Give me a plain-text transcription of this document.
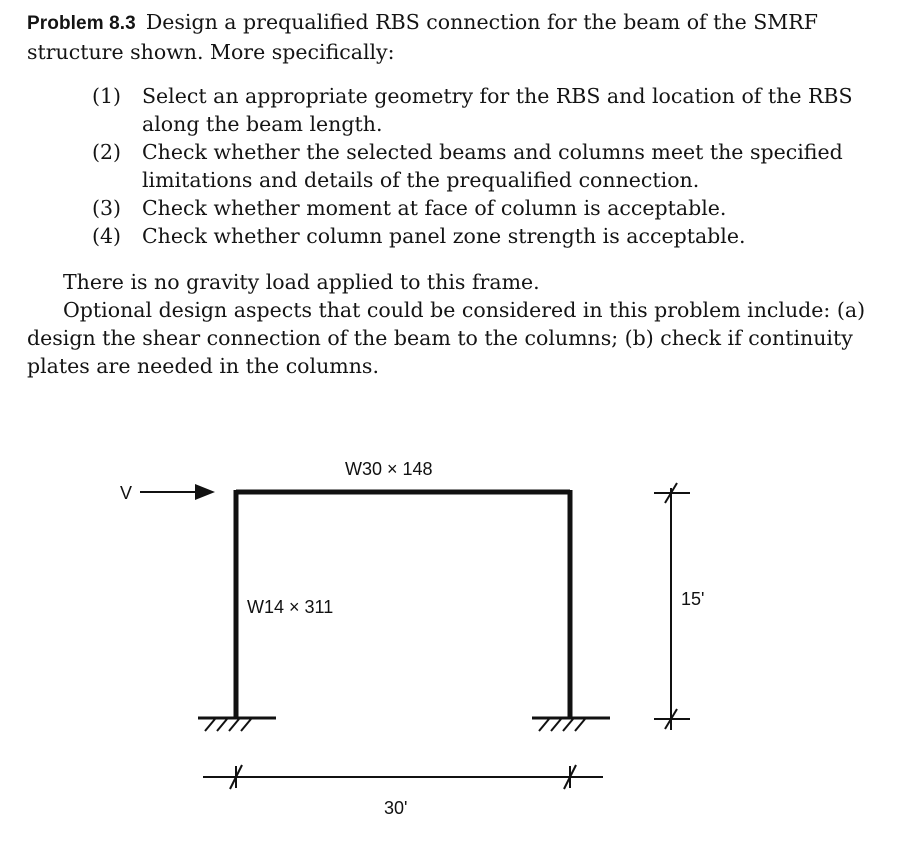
Problem 8.3 Design a prequalified RBS connection for the beam of the SMRF structure shown. More specifically:
(1) Select an appropriate geometry for the RBS and location of the RBS along the beam length.
(2) Check whether the selected beams and columns meet the specified limitations and details of the prequalified connection.
(3) Check whether moment at face of column is acceptable.
(4) Check whether column panel zone strength is acceptable.
There is no gravity load applied to this frame.
Optional design aspects that could be considered in this problem include: (a) design the shear connection of the beam to the columns; (b) check if continuity plates are needed in the columns.
V
W30 × 148
W14 × 311	15'
30'
